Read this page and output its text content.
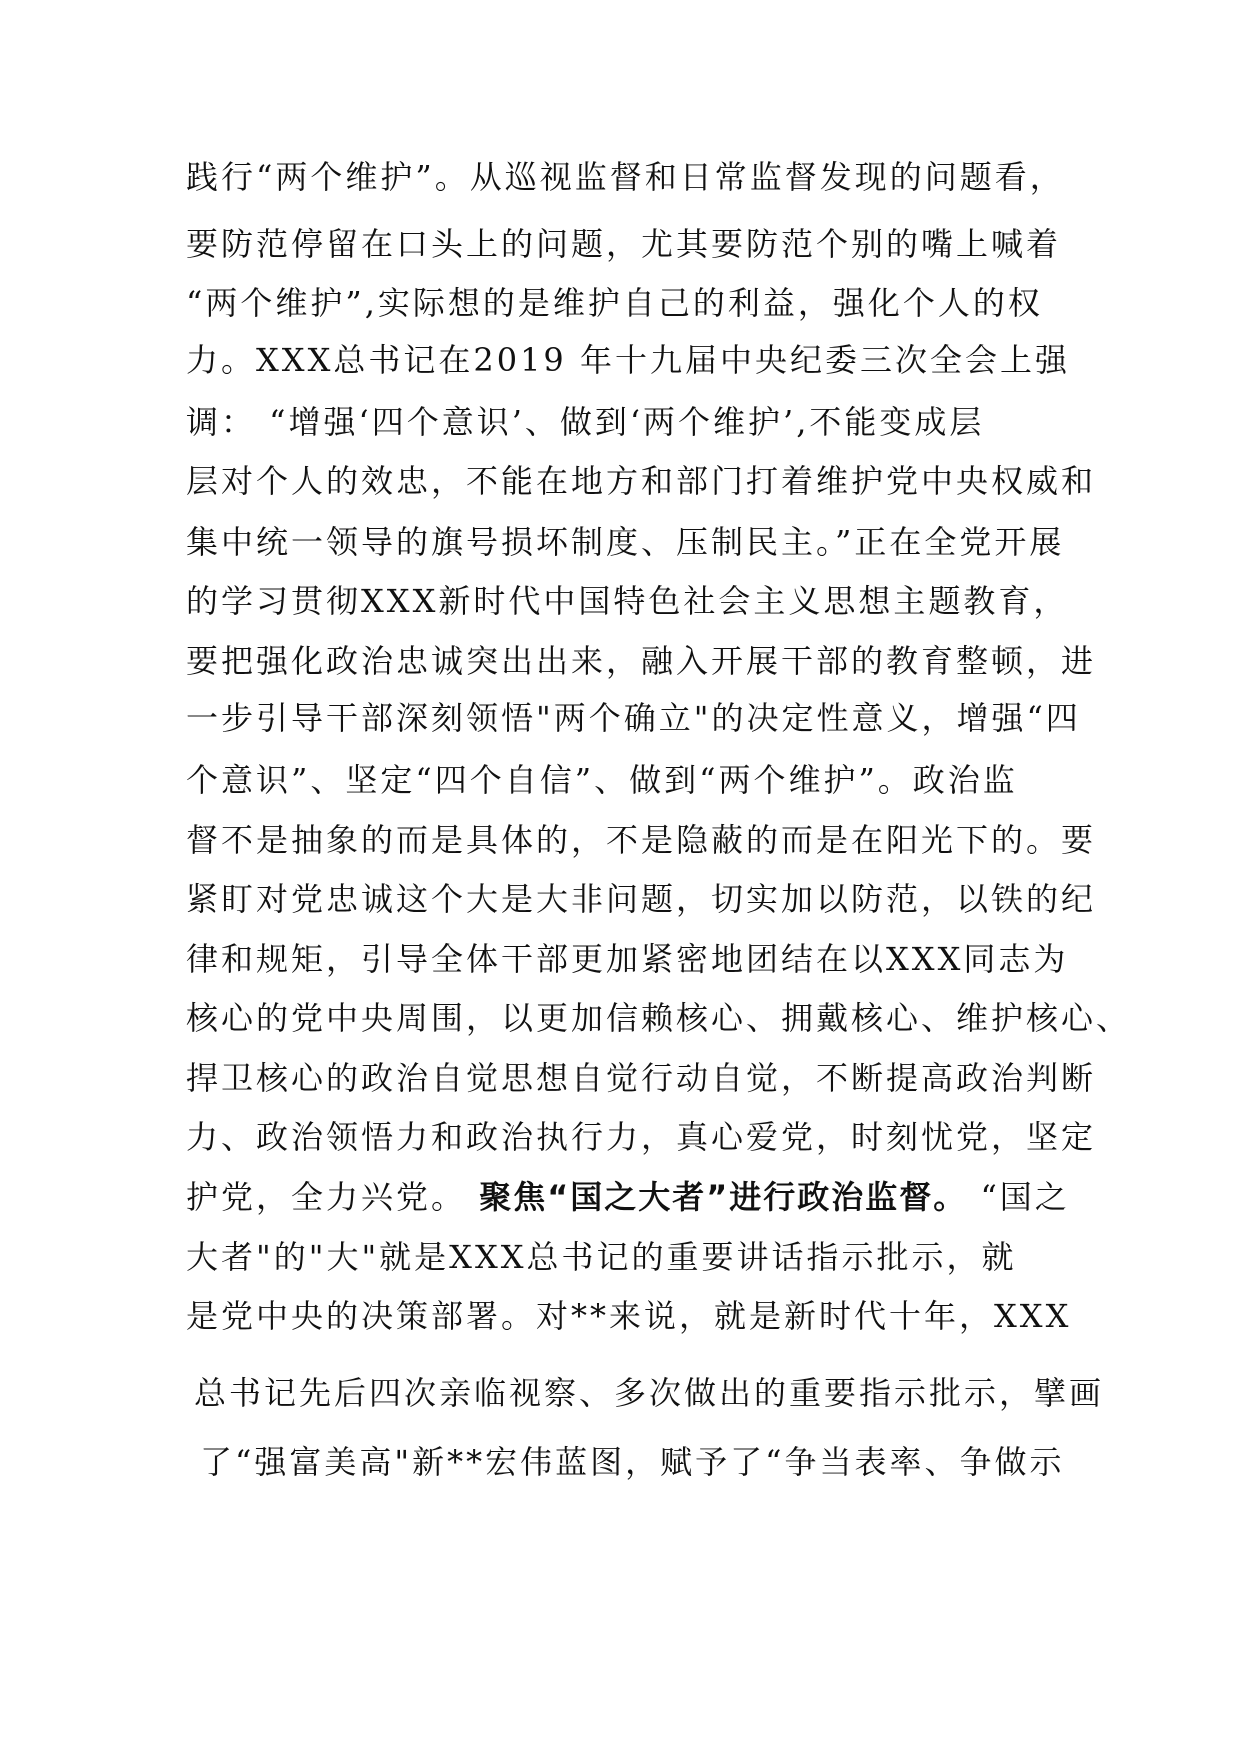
践行“两个维护”。从巡视监督和日常监督发现的问题看，
要防范停留在口头上的问题，尤其要防范个别的嘴上喊着
“两个维护”,实际想的是维护自己的利益，强化个人的权
力。XXX总书记在2019 年十九届中央纪委三次全会上强
调： “增强‘四个意识’、做到‘两个维护’,不能变成层
层对个人的效忠，不能在地方和部门打着维护党中央权威和
集中统一领导的旗号损坏制度、压制民主。”正在全党开展
的学习贯彻XXX新时代中国特色社会主义思想主题教育，
要把强化政治忠诚突出出来，融入开展干部的教育整顿，进
一步引导干部深刻领悟"两个确立"的决定性意义，增强“四
个意识”、坚定“四个自信”、做到“两个维护”。政治监
督不是抽象的而是具体的，不是隐蔽的而是在阳光下的。要
紧盯对党忠诚这个大是大非问题，切实加以防范，以铁的纪
律和规矩，引导全体干部更加紧密地团结在以XXX同志为
核心的党中央周围，以更加信赖核心、拥戴核心、维护核心、
捍卫核心的政治自觉思想自觉行动自觉，不断提高政治判断
力、政治领悟力和政治执行力，真心爱党，时刻忧党，坚定
护党，全力兴党。 聚焦“国之大者”进行政治监督。 “国之
大者"的"大"就是XXX总书记的重要讲话指示批示，就
是党中央的决策部署。对**来说，就是新时代十年，XXX
总书记先后四次亲临视察、多次做出的重要指示批示，擘画
了“强富美高"新**宏伟蓝图，赋予了“争当表率、争做示
